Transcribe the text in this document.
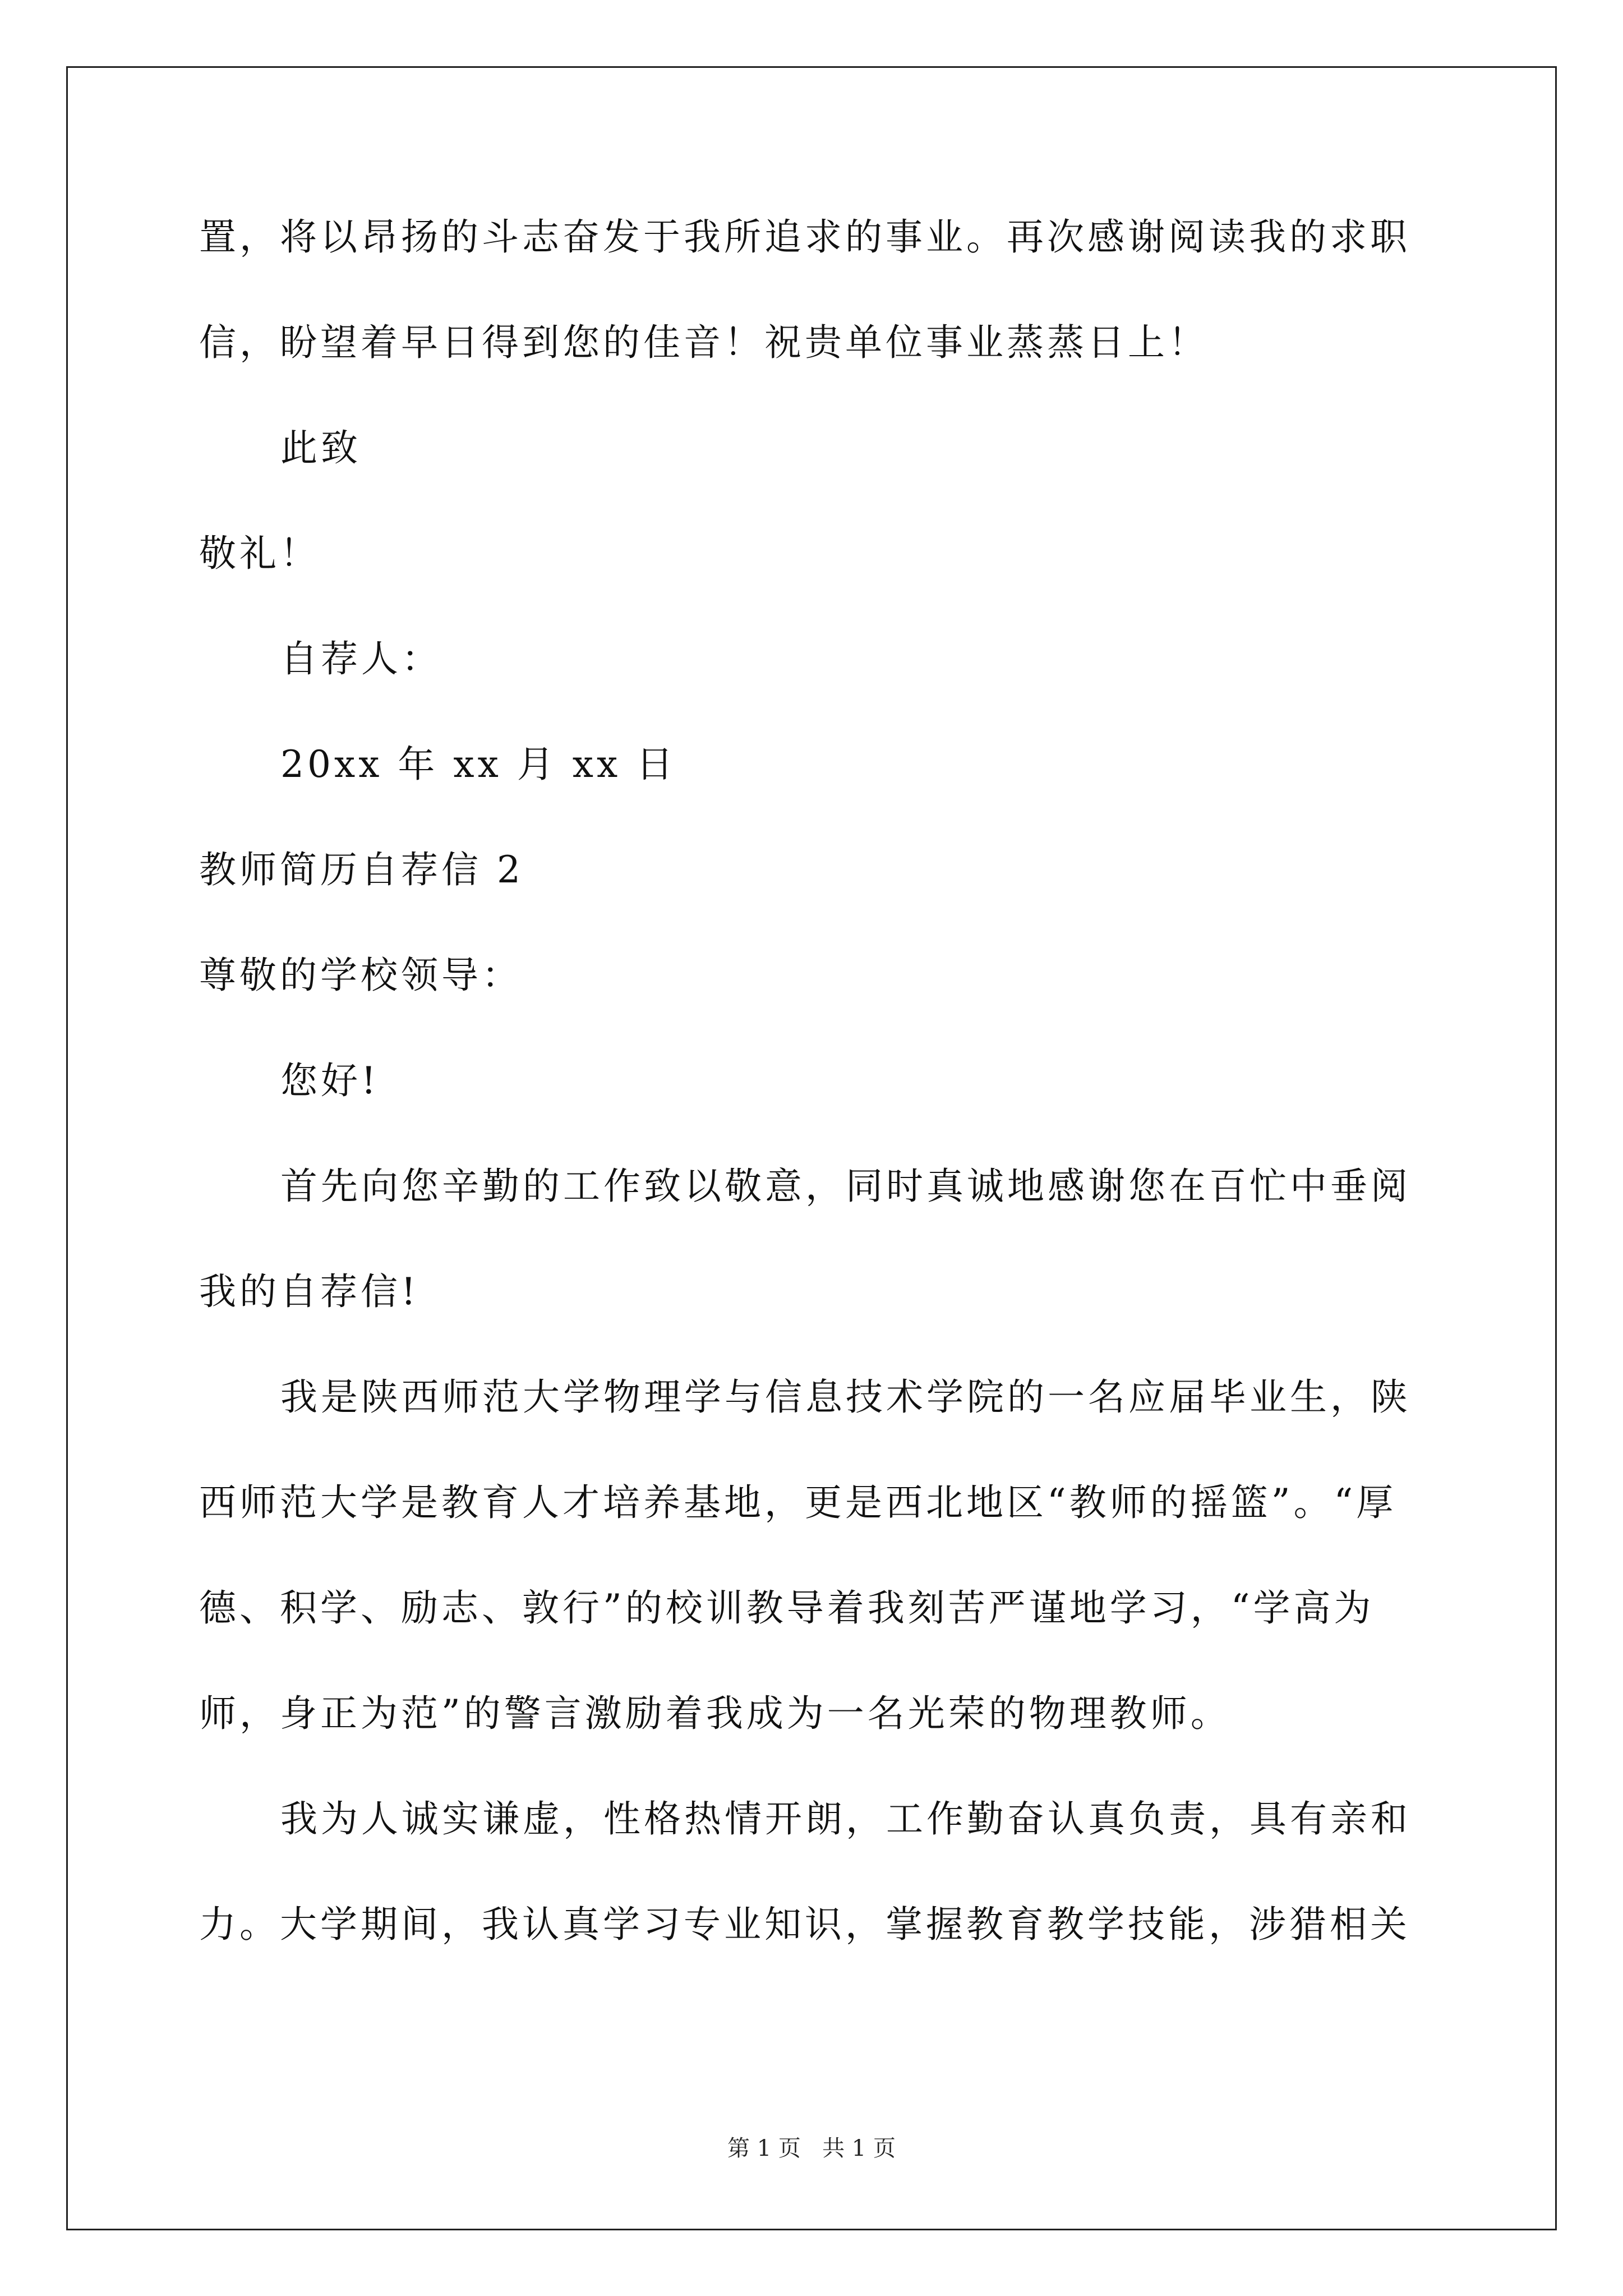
置，将以昂扬的斗志奋发于我所追求的事业。再次感谢阅读我的求职
信，盼望着早日得到您的佳音！祝贵单位事业蒸蒸日上！
此致
敬礼！
自荐人：
20xx 年 xx 月 xx 日
教师简历自荐信 2
尊敬的学校领导：
您好!
首先向您辛勤的工作致以敬意，同时真诚地感谢您在百忙中垂阅
我的自荐信!
我是陕西师范大学物理学与信息技术学院的一名应届毕业生，陕
西师范大学是教育人才培养基地，更是西北地区“教师的摇篮”。“厚
德、积学、励志、敦行”的校训教导着我刻苦严谨地学习，“学高为
师，身正为范”的警言激励着我成为一名光荣的物理教师。
我为人诚实谦虚，性格热情开朗，工作勤奋认真负责，具有亲和
力。大学期间，我认真学习专业知识，掌握教育教学技能，涉猎相关
第 1 页   共 1 页
